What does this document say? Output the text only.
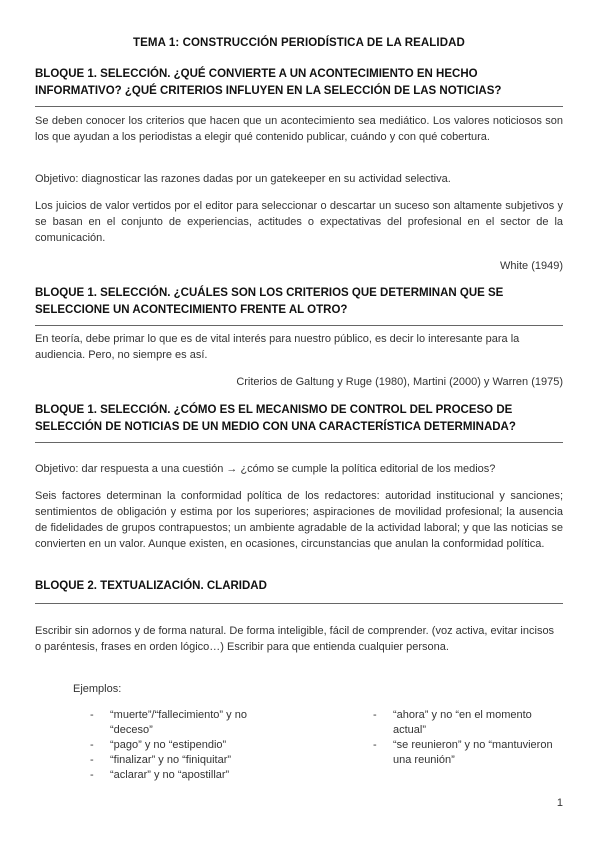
TEMA 1: CONSTRUCCIÓN PERIODÍSTICA DE LA REALIDAD
BLOQUE 1. SELECCIÓN. ¿QUÉ CONVIERTE A UN ACONTECIMIENTO EN HECHO INFORMATIVO? ¿QUÉ CRITERIOS INFLUYEN EN LA SELECCIÓN DE LAS NOTICIAS?
Se deben conocer los criterios que hacen que un acontecimiento sea mediático. Los valores noticiosos son los que ayudan a los periodistas a elegir qué contenido publicar, cuándo y con qué cobertura.
Objetivo: diagnosticar las razones dadas por un gatekeeper en su actividad selectiva.
Los juicios de valor vertidos por el editor para seleccionar o descartar un suceso son altamente subjetivos y se basan en el conjunto de experiencias, actitudes o expectativas del profesional en el sector de la comunicación.
White (1949)
BLOQUE 1. SELECCIÓN. ¿CUÁLES SON LOS CRITERIOS QUE DETERMINAN QUE SE SELECCIONE UN ACONTECIMIENTO FRENTE AL OTRO?
En teoría, debe primar lo que es de vital interés para nuestro público, es decir lo interesante para la audiencia. Pero, no siempre es así.
Criterios de Galtung y Ruge (1980), Martini (2000) y Warren (1975)
BLOQUE 1. SELECCIÓN. ¿CÓMO ES EL MECANISMO DE CONTROL DEL PROCESO DE SELECCIÓN DE NOTICIAS DE UN MEDIO CON UNA CARACTERÍSTICA DETERMINADA?
Objetivo: dar respuesta a una cuestión → ¿cómo se cumple la política editorial de los medios?
Seis factores determinan la conformidad política de los redactores: autoridad institucional y sanciones; sentimientos de obligación y estima por los superiores; aspiraciones de movilidad profesional; la ausencia de fidelidades de grupos contrapuestos; un ambiente agradable de la actividad laboral; y que las noticias se convierten en un valor. Aunque existen, en ocasiones, circunstancias que anulan la conformidad política.
BLOQUE 2. TEXTUALIZACIÓN. CLARIDAD
Escribir sin adornos y de forma natural. De forma inteligible, fácil de comprender. (voz activa, evitar incisos o paréntesis, frases en orden lógico…) Escribir para que entienda cualquier persona.
Ejemplos:
- “muerte”/“fallecimiento” y no “deceso”
- “pago” y no “estipendio”
- “finalizar” y no “finiquitar”
- “aclarar” y no “apostillar”
- “ahora” y no “en el momento actual”
- “se reunieron” y no “mantuvieron una reunión”
1
